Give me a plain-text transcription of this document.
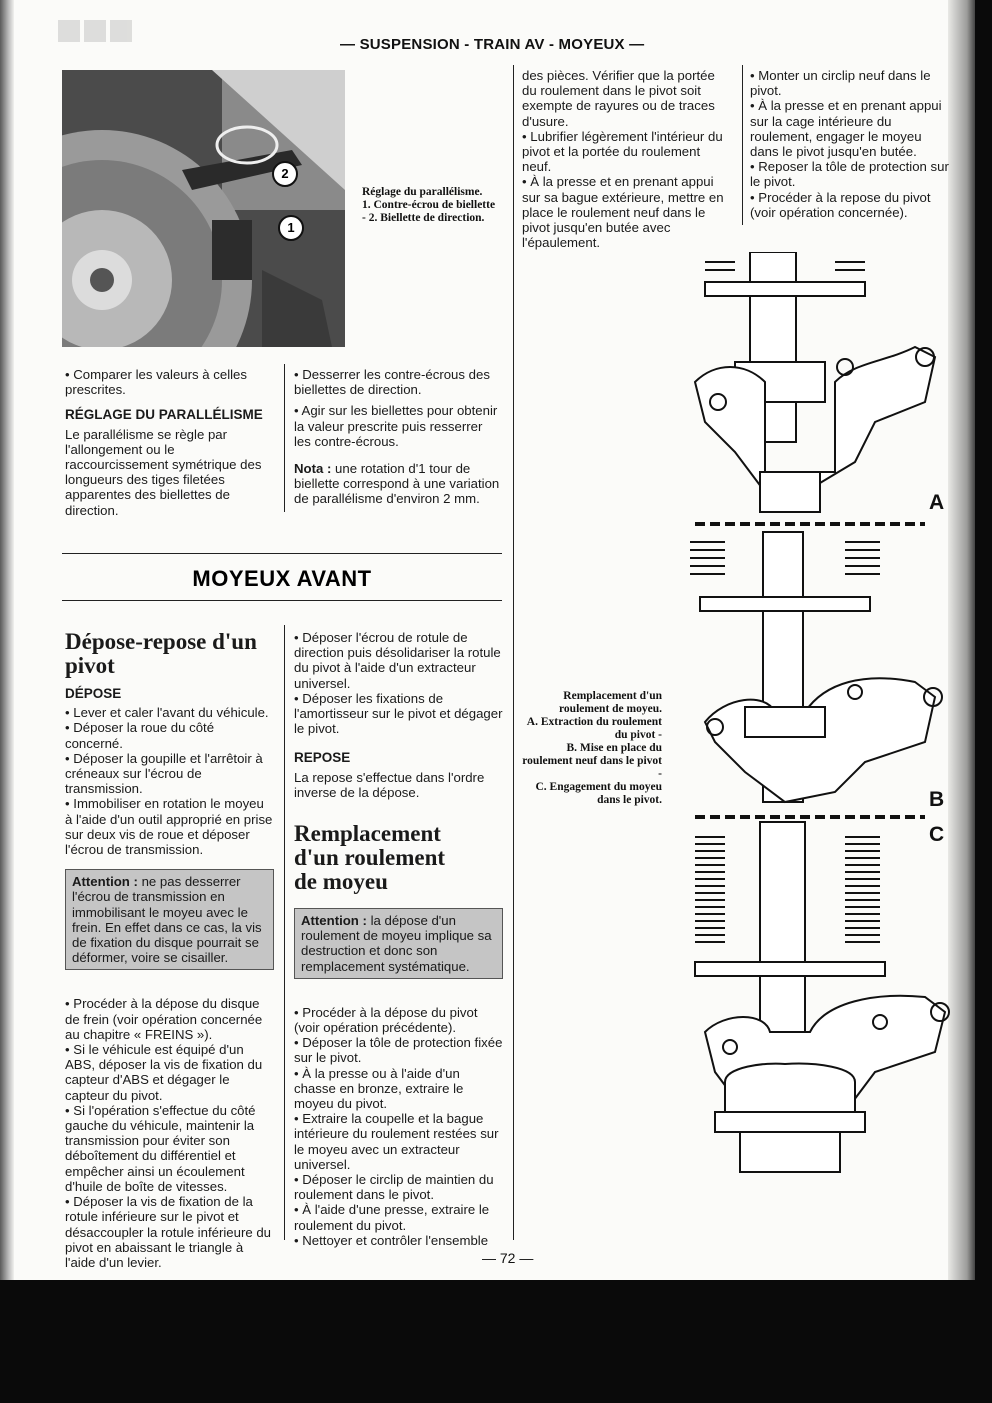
— SUSPENSION - TRAIN AV - MOYEUX —
2
1
Réglage du parallélisme.
1. Contre-écrou de biellette
- 2. Biellette de direction.

• Comparer les valeurs à celles prescrites.

RÉGLAGE DU PARALLÉLISME

Le parallélisme se règle par l'allongement ou le raccourcissement symétrique des longueurs des tiges filetées apparentes des biellettes de direction.

• Desserrer les contre-écrous des biellettes de direction.

• Agir sur les biellettes pour obtenir la valeur prescrite puis resserrer les contre-écrous.

Nota : une rotation d'1 tour de biellette correspond à une variation de parallélisme d'environ 2 mm.

MOYEUX AVANT
Dépose-repose d'un pivot
DÉPOSE

• Lever et caler l'avant du véhicule.

• Déposer la roue du côté concerné.

• Déposer la goupille et l'arrêtoir à créneaux sur l'écrou de transmission.

• Immobiliser en rotation le moyeu à l'aide d'un outil approprié en prise sur deux vis de roue et déposer l'écrou de transmission.

Attention : ne pas desserrer l'écrou de transmission en immobilisant le moyeu avec le frein. En effet dans ce cas, la vis de fixation du disque pourrait se déformer, voire se cisailler.

• Procéder à la dépose du disque de frein (voir opération concernée au chapitre « FREINS »).

• Si le véhicule est équipé d'un ABS, déposer la vis de fixation du capteur d'ABS et dégager le capteur du pivot.

• Si l'opération s'effectue du côté gauche du véhicule, maintenir la transmission pour éviter son déboîtement du différentiel et empêcher ainsi un écoulement d'huile de boîte de vitesses.

• Déposer la vis de fixation de la rotule inférieure sur le pivot et désaccoupler la rotule inférieure du pivot en abaissant le triangle à l'aide d'un levier.

• Déposer l'écrou de rotule de direction puis désolidariser la rotule du pivot à l'aide d'un extracteur universel.

• Déposer les fixations de l'amortisseur sur le pivot et dégager le pivot.

REPOSE

La repose s'effectue dans l'ordre inverse de la dépose.

Remplacement d'un roulement de moyeu
Attention : la dépose d'un roulement de moyeu implique sa destruction et donc son remplacement systématique.

• Procéder à la dépose du pivot (voir opération précédente).

• Déposer la tôle de protection fixée sur le pivot.

• À la presse ou à l'aide d'un chasse en bronze, extraire le moyeu du pivot.

• Extraire la coupelle et la bague intérieure du roulement restées sur le moyeu avec un extracteur universel.

• Déposer le circlip de maintien du roulement dans le pivot.

• À l'aide d'une presse, extraire le roulement du pivot.

• Nettoyer et contrôler l'ensemble

des pièces. Vérifier que la portée du roulement dans le pivot soit exempte de rayures ou de traces d'usure.

• Lubrifier légèrement l'intérieur du pivot et la portée du roulement neuf.

• À la presse et en prenant appui sur sa bague extérieure, mettre en place le roulement neuf dans le pivot jusqu'en butée avec l'épaulement.

• Monter un circlip neuf dans le pivot.

• À la presse et en prenant appui sur la cage intérieure du roulement, engager le moyeu dans le pivot jusqu'en butée.

• Reposer la tôle de protection sur le pivot.

• Procéder à la repose du pivot (voir opération concernée).

Remplacement d'un roulement de moyeu.
A. Extraction du roulement du pivot -
B. Mise en place du roulement neuf dans le pivot -
C. Engagement du moyeu dans le pivot.
A
B
C
— 72 —
